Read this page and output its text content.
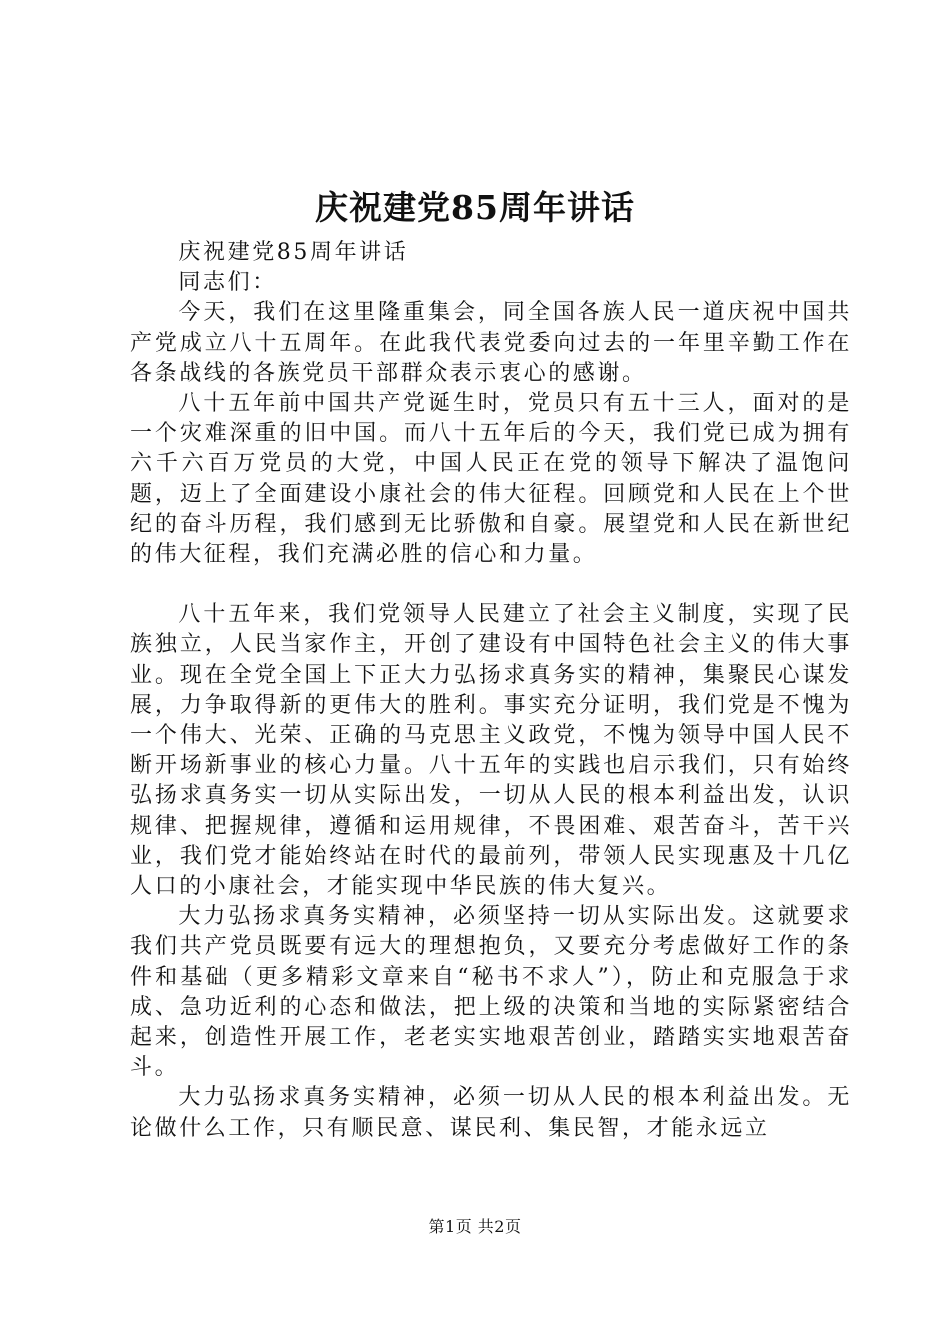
庆祝建党85周年讲话

庆祝建党85周年讲话

同志们：

今天，我们在这里隆重集会，同全国各族人民一道庆祝中国共产党成立八十五周年。在此我代表党委向过去的一年里辛勤工作在各条战线的各族党员干部群众表示衷心的感谢。

八十五年前中国共产党诞生时，党员只有五十三人，面对的是一个灾难深重的旧中国。而八十五年后的今天，我们党已成为拥有六千六百万党员的大党，中国人民正在党的领导下解决了温饱问题，迈上了全面建设小康社会的伟大征程。回顾党和人民在上个世纪的奋斗历程，我们感到无比骄傲和自豪。展望党和人民在新世纪的伟大征程，我们充满必胜的信心和力量。

八十五年来，我们党领导人民建立了社会主义制度，实现了民族独立，人民当家作主，开创了建设有中国特色社会主义的伟大事业。现在全党全国上下正大力弘扬求真务实的精神，集聚民心谋发展，力争取得新的更伟大的胜利。事实充分证明，我们党是不愧为一个伟大、光荣、正确的马克思主义政党，不愧为领导中国人民不断开场新事业的核心力量。八十五年的实践也启示我们，只有始终弘扬求真务实一切从实际出发，一切从人民的根本利益出发，认识规律、把握规律，遵循和运用规律，不畏困难、艰苦奋斗，苦干兴业，我们党才能始终站在时代的最前列，带领人民实现惠及十几亿人口的小康社会，才能实现中华民族的伟大复兴。

大力弘扬求真务实精神，必须坚持一切从实际出发。这就要求我们共产党员既要有远大的理想抱负，又要充分考虑做好工作的条件和基础（更多精彩文章来自“秘书不求人”），防止和克服急于求成、急功近利的心态和做法，把上级的决策和当地的实际紧密结合起来，创造性开展工作，老老实实地艰苦创业，踏踏实实地艰苦奋斗。

大力弘扬求真务实精神，必须一切从人民的根本利益出发。无论做什么工作，只有顺民意、谋民利、集民智，才能永远立

第1页 共2页
